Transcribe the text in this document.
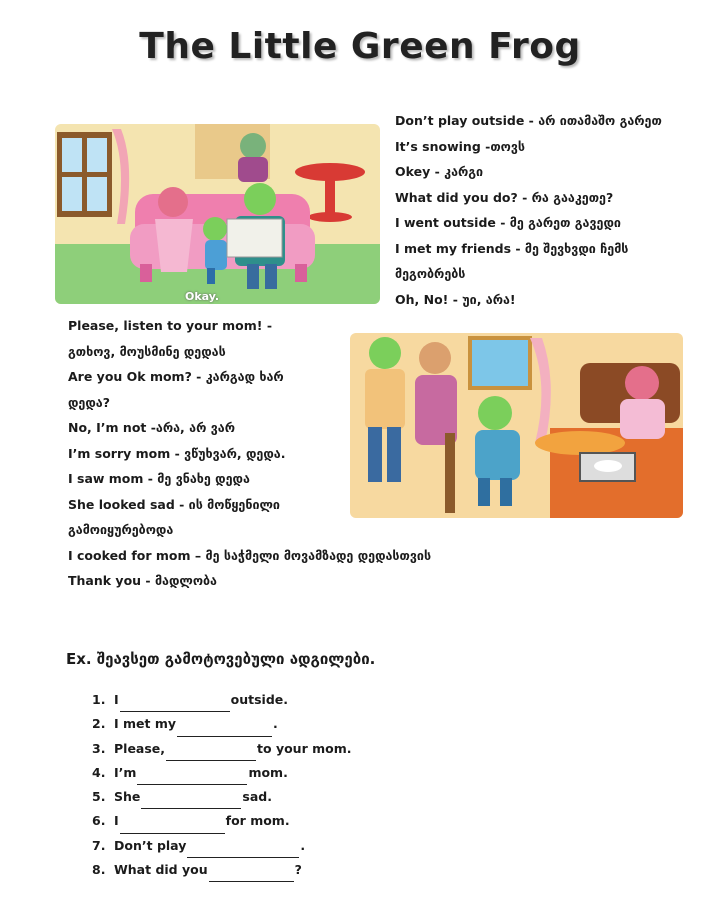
The Little Green Frog
Okay.
Don’t play outside - არ ითამაშო გარეთ
It’s snowing -თოვს
Okey - კარგი
What did you do? - რა გააკეთე?
I went outside - მე გარეთ გავედი
I met my friends - მე შევხვდი ჩემს
მეგობრებს
Oh, No! - უი, არა!
Please, listen to your mom! -
გთხოვ, მოუსმინე დედას
Are you Ok mom? - კარგად ხარ
დედა?
No, I’m not -არა, არ ვარ
I’m sorry mom - ვწუხვარ, დედა.
I saw mom - მე ვნახე დედა
She looked sad - ის მოწყენილი
გამოიყურებოდა
I cooked for mom – მე საჭმელი მოვამზადე დედასთვის
Thank you - მადლობა
Ex. შეავსეთ გამოტოვებული ადგილები.
1. I	outside.
2. I met my	.
3. Please,	to your mom.
4. I’m	mom.
5. She	sad.
6. I	for mom.
7. Don’t play	.
8. What did you	?
